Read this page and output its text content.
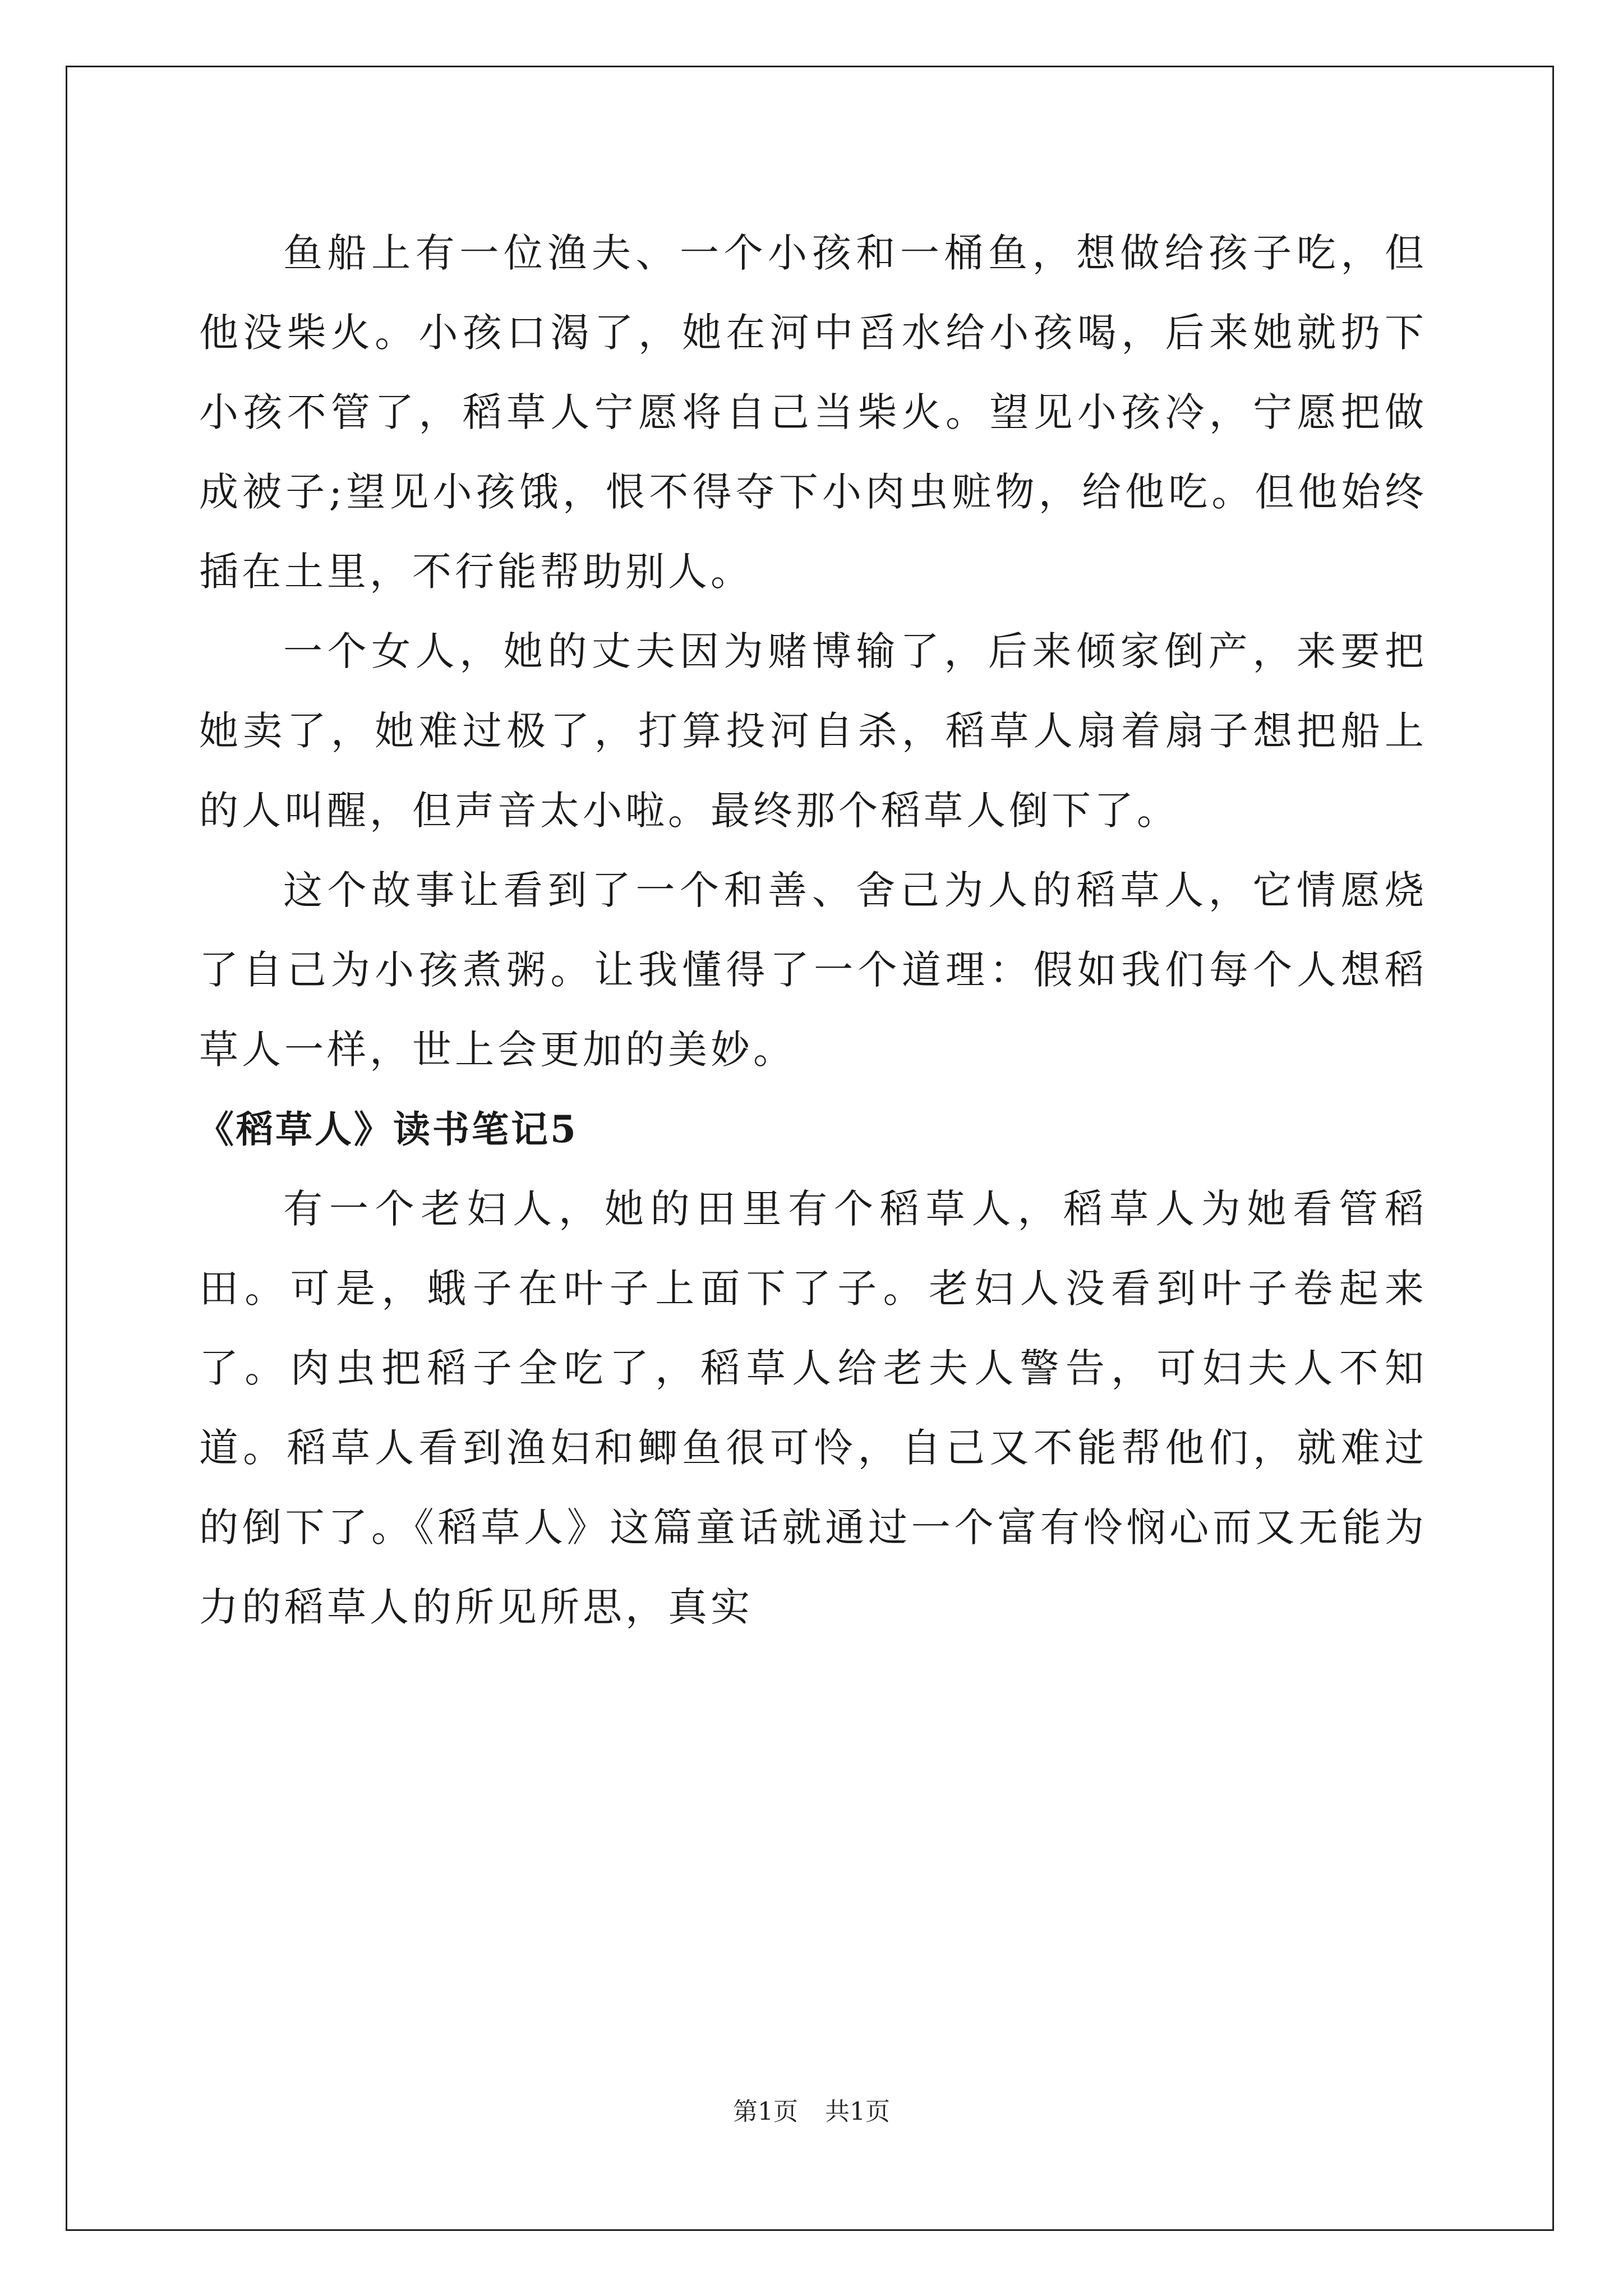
鱼船上有一位渔夫、一个小孩和一桶鱼，想做给孩子吃，但他没柴火。小孩口渴了，她在河中舀水给小孩喝，后来她就扔下小孩不管了，稻草人宁愿将自己当柴火。望见小孩冷，宁愿把做成被子;望见小孩饿，恨不得夺下小肉虫赃物，给他吃。但他始终插在土里，不行能帮助别人。

一个女人，她的丈夫因为赌博输了，后来倾家倒产，来要把她卖了，她难过极了，打算投河自杀，稻草人扇着扇子想把船上的人叫醒，但声音太小啦。最终那个稻草人倒下了。

这个故事让看到了一个和善、舍己为人的稻草人，它情愿烧了自己为小孩煮粥。让我懂得了一个道理：假如我们每个人想稻草人一样，世上会更加的美妙。

《稻草人》读书笔记5

有一个老妇人，她的田里有个稻草人，稻草人为她看管稻田。可是，蛾子在叶子上面下了子。老妇人没看到叶子卷起来了。肉虫把稻子全吃了，稻草人给老夫人警告，可妇夫人不知道。稻草人看到渔妇和鲫鱼很可怜，自己又不能帮他们，就难过的倒下了。《稻草人》这篇童话就通过一个富有怜悯心而又无能为力的稻草人的所见所思，真实

第1页 共1页
